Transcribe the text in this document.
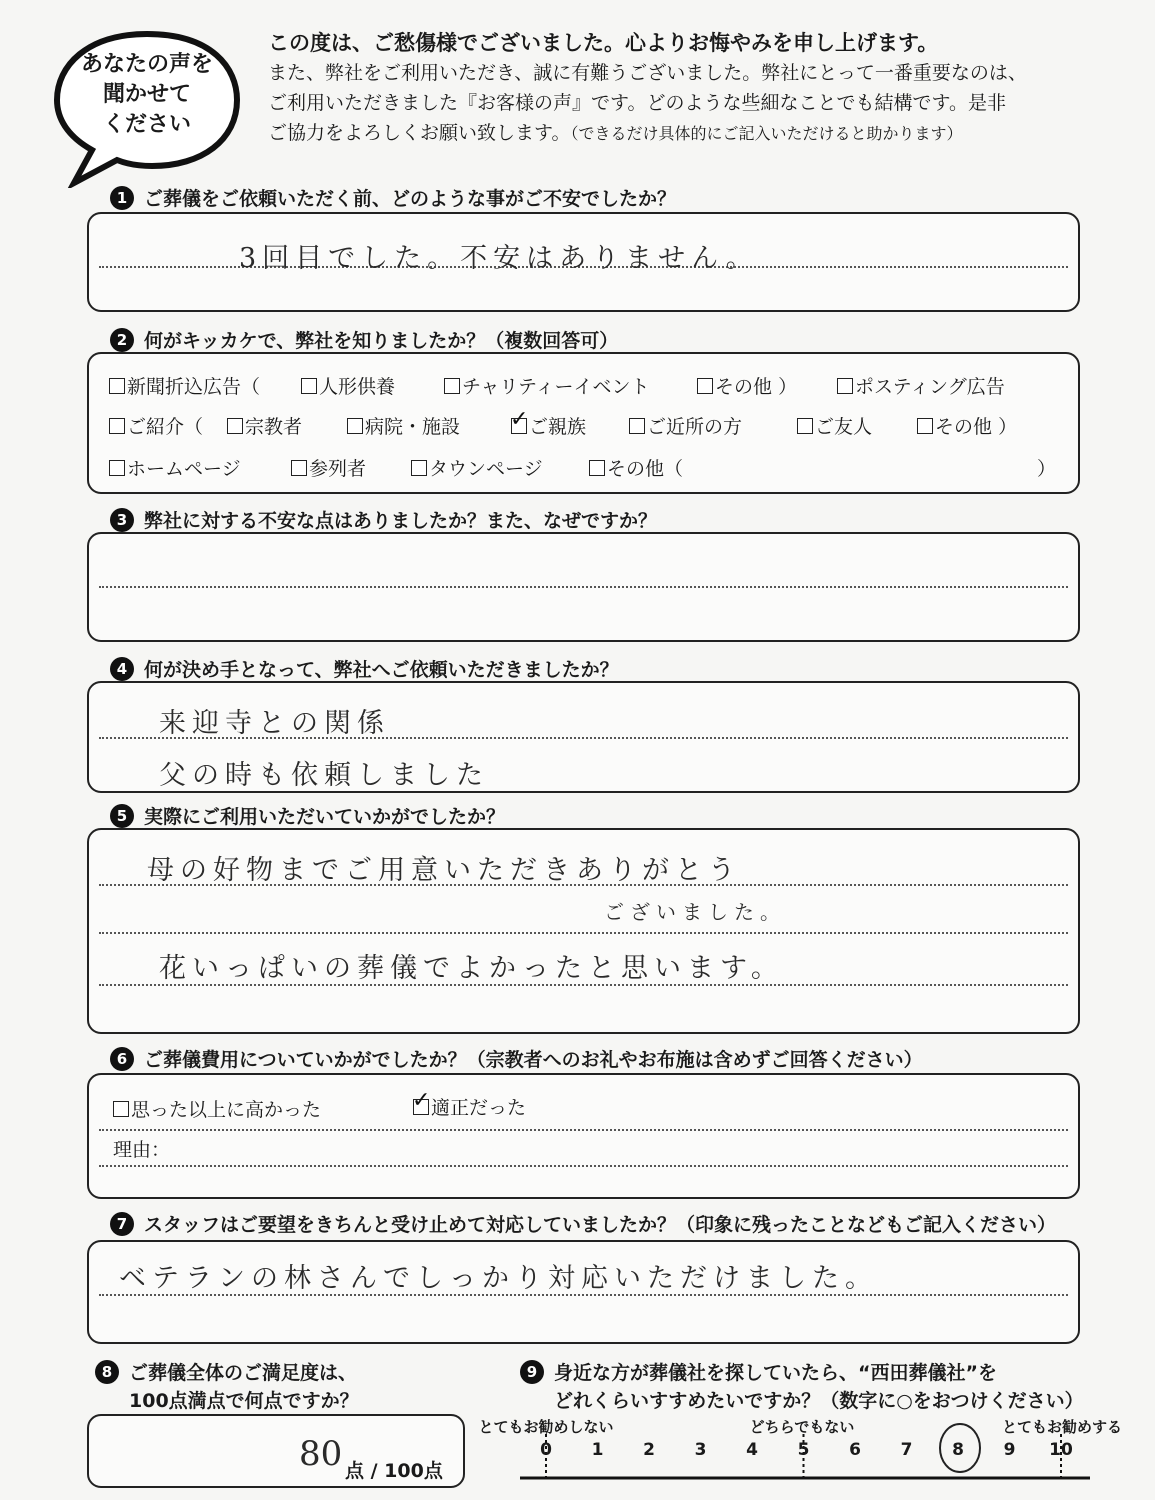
あなたの声を
聞かせて
ください
この度は、ご愁傷様でございました。心よりお悔やみを申し上げます。
また、弊社をご利用いただき、誠に有難うございました。弊社にとって一番重要なのは、
ご利用いただきました『お客様の声』です。どのような些細なことでも結構です。是非
ご協力をよろしくお願い致します。（できるだけ具体的にご記入いただけると助かります）
1 ご葬儀をご依頼いただく前、どのような事がご不安でしたか？
3回目でした。不安はありません。
2 何がキッカケで、弊社を知りましたか？（複数回答可）
新聞折込広告（	人形供養	チャリティーイベント	その他 ）	ポスティング広告
ご紹介（	宗教者	病院・施設 ✓	ご親族	ご近所の方	ご友人	その他 ）
ホームページ	参列者	タウンページ	その他（	）
3 弊社に対する不安な点はありましたか？また、なぜですか？
4 何が決め手となって、弊社へご依頼いただきましたか？
来迎寺との関係
父の時も依頼しました
5 実際にご利用いただいていかがでしたか？
母の好物までご用意いただきありがとう
ございました。
花いっぱいの葬儀でよかったと思います。
6 ご葬儀費用についていかがでしたか？（宗教者へのお礼やお布施は含めずご回答ください）
思った以上に高かった ✓	適正だった
理由：
7 スタッフはご要望をきちんと受け止めて対応していましたか？（印象に残ったことなどもご記入ください）
ベテランの林さんでしっかり対応いただけました。
8 ご葬儀全体のご満足度は、
100点満点で何点ですか？
80 点 / 100点
9 身近な方が葬儀社を探していたら、“西田葬儀社”を
どれくらいすすめたいですか？（数字に○をおつけください）
とてもお勧めしない	どちらでもない	とてもお勧めする
0 1 2 3 4 5 6 7 8 9 10
